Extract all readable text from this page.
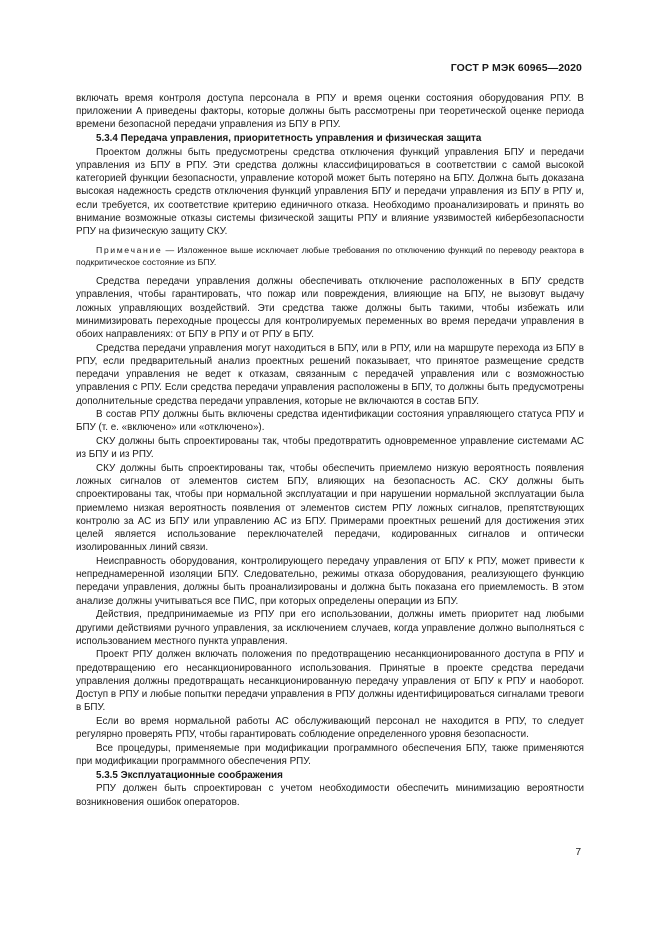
ГОСТ Р МЭК 60965—2020

включать время контроля доступа персонала в РПУ и время оценки состояния оборудования РПУ. В приложении А приведены факторы, которые должны быть рассмотрены при теоретической оценке периода времени безопасной передачи управления из БПУ в РПУ.

5.3.4 Передача управления, приоритетность управления и физическая защита

Проектом должны быть предусмотрены средства отключения функций управления БПУ и передачи управления из БПУ в РПУ. Эти средства должны классифицироваться в соответствии с самой высокой категорией функции безопасности, управление которой может быть потеряно на БПУ. Должна быть доказана высокая надежность средств отключения функций управления БПУ и передачи управления из БПУ в РПУ и, если требуется, их соответствие критерию единичного отказа. Необходимо проанализировать и принять во внимание возможные отказы системы физической защиты РПУ и влияние уязвимостей кибербезопасности РПУ на физическую защиту СКУ.

Примечание — Изложенное выше исключает любые требования по отключению функций по переводу реактора в подкритическое состояние из БПУ.

Средства передачи управления должны обеспечивать отключение расположенных в БПУ средств управления, чтобы гарантировать, что пожар или повреждения, влияющие на БПУ, не вызовут выдачу ложных управляющих воздействий. Эти средства также должны быть такими, чтобы избежать или минимизировать переходные процессы для контролируемых переменных во время передачи управления в обоих направлениях: от БПУ в РПУ и от РПУ в БПУ.

Средства передачи управления могут находиться в БПУ, или в РПУ, или на маршруте перехода из БПУ в РПУ, если предварительный анализ проектных решений показывает, что принятое размещение средств передачи управления не ведет к отказам, связанным с передачей управления или с возможностью управления с РПУ. Если средства передачи управления расположены в БПУ, то должны быть предусмотрены дополнительные средства передачи управления, которые не включаются в состав БПУ.

В состав РПУ должны быть включены средства идентификации состояния управляющего статуса РПУ и БПУ (т. е. «включено» или «отключено»).

СКУ должны быть спроектированы так, чтобы предотвратить одновременное управление системами АС из БПУ и из РПУ.

СКУ должны быть спроектированы так, чтобы обеспечить приемлемо низкую вероятность появления ложных сигналов от элементов систем БПУ, влияющих на безопасность АС. СКУ должны быть спроектированы так, чтобы при нормальной эксплуатации и при нарушении нормальной эксплуатации была приемлемо низкая вероятность появления от элементов систем РПУ ложных сигналов, препятствующих контролю за АС из БПУ или управлению АС из БПУ. Примерами проектных решений для достижения этих целей является использование переключателей передачи, кодированных сигналов и оптически изолированных линий связи.

Неисправность оборудования, контролирующего передачу управления от БПУ к РПУ, может привести к непреднамеренной изоляции БПУ. Следовательно, режимы отказа оборудования, реализующего функцию передачи управления, должны быть проанализированы и должна быть показана его приемлемость. В этом анализе должны учитываться все ПИС, при которых определены операции из БПУ.

Действия, предпринимаемые из РПУ при его использовании, должны иметь приоритет над любыми другими действиями ручного управления, за исключением случаев, когда управление должно выполняться с использованием местного пункта управления.

Проект РПУ должен включать положения по предотвращению несанкционированного доступа в РПУ и предотвращению его несанкционированного использования. Принятые в проекте средства передачи управления должны предотвращать несанкционированную передачу управления от БПУ к РПУ и наоборот. Доступ в РПУ и любые попытки передачи управления в РПУ должны идентифицироваться сигналами тревоги в БПУ.

Если во время нормальной работы АС обслуживающий персонал не находится в РПУ, то следует регулярно проверять РПУ, чтобы гарантировать соблюдение определенного уровня безопасности.

Все процедуры, применяемые при модификации программного обеспечения БПУ, также применяются при модификации программного обеспечения РПУ.

5.3.5 Эксплуатационные соображения

РПУ должен быть спроектирован с учетом необходимости обеспечить минимизацию вероятности возникновения ошибок операторов.

7
